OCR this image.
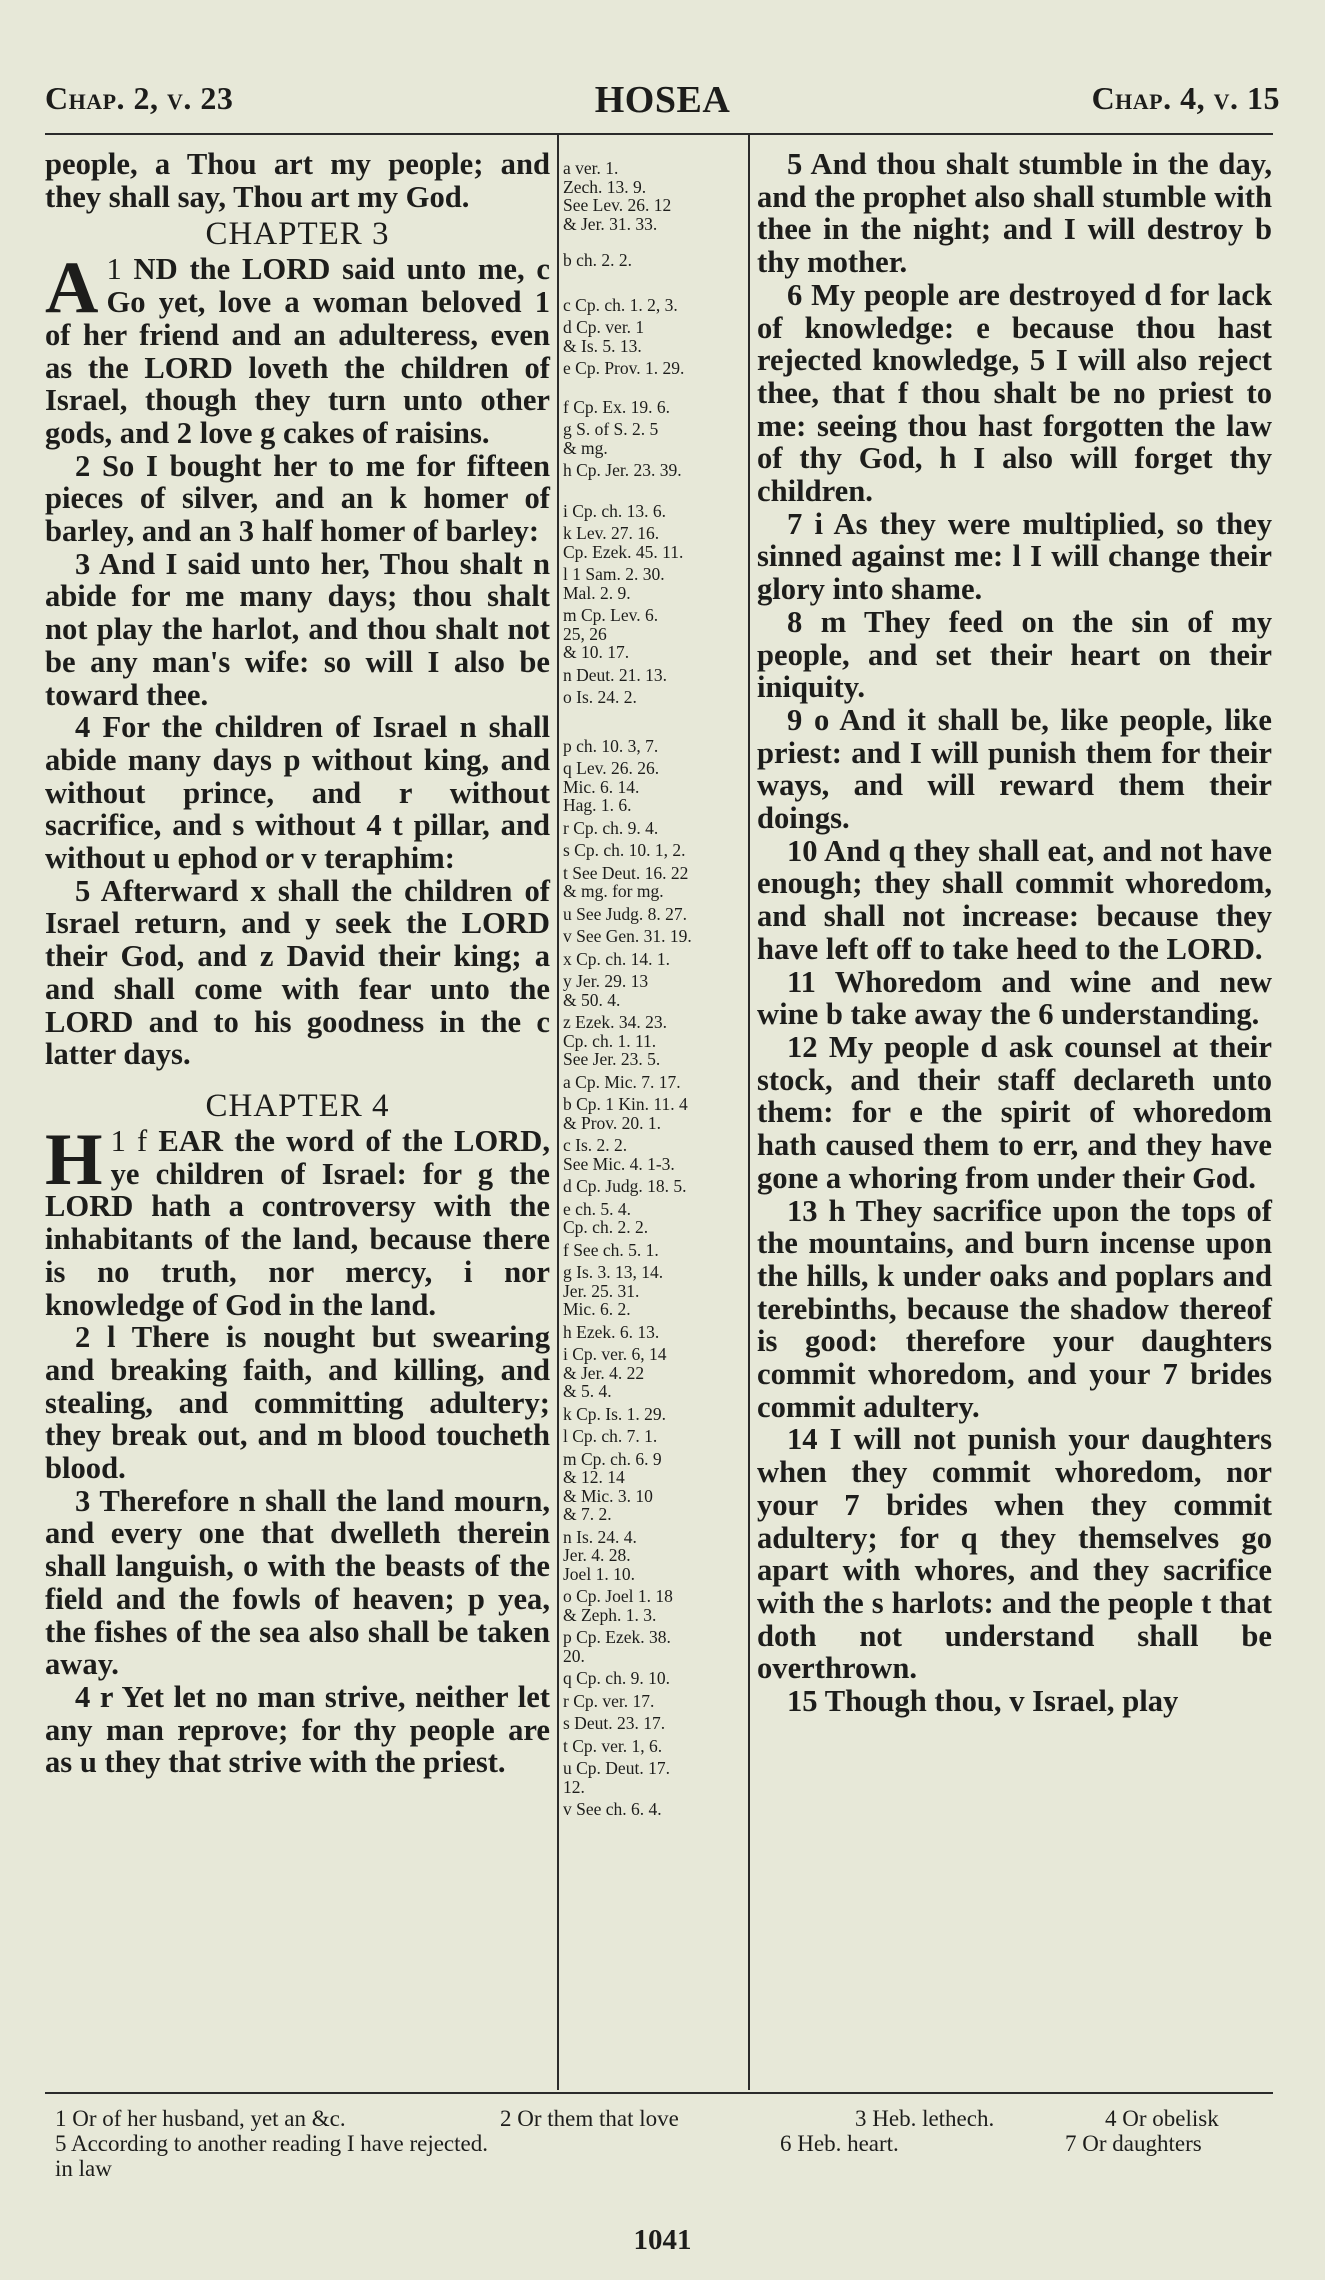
Chap. 2, v. 23	HOSEA	Chap. 4, v. 15

people, a Thou art my people; and they shall say, Thou art my God.

CHAPTER 3

1
A ND the LORD said unto me, c Go yet, love a woman beloved 1 of her friend and an adulteress, even as the LORD loveth the children of Israel, though they turn unto other gods, and 2 love g cakes of raisins.

2 So I bought her to me for fifteen pieces of silver, and an k homer of barley, and an 3 half homer of barley:

3 And I said unto her, Thou shalt n abide for me many days; thou shalt not play the harlot, and thou shalt not be any man's wife: so will I also be toward thee.

4 For the children of Israel n shall abide many days p without king, and without prince, and r without sacrifice, and s without 4 t pillar, and without u ephod or v teraphim:

5 Afterward x shall the children of Israel return, and y seek the LORD their God, and z David their king; a and shall come with fear unto the LORD and to his goodness in the c latter days.

CHAPTER 4

1 f
H EAR the word of the LORD, ye children of Israel: for g the LORD hath a controversy with the inhabitants of the land, because there is no truth, nor mercy, i nor knowledge of God in the land.

2 l There is nought but swearing and breaking faith, and killing, and stealing, and committing adultery; they break out, and m blood toucheth blood.

3 Therefore n shall the land mourn, and every one that dwelleth therein shall languish, o with the beasts of the field and the fowls of heaven; p yea, the fishes of the sea also shall be taken away.

4 r Yet let no man strive, neither let any man reprove; for thy people are as u they that strive with the priest.

a ver. 1.
Zech. 13. 9.
See Lev. 26. 12
& Jer. 31. 33.
b ch. 2. 2.
c Cp. ch. 1. 2, 3.
d Cp. ver. 1
& Is. 5. 13.
e Cp. Prov. 1. 29.
f Cp. Ex. 19. 6.
g S. of S. 2. 5
& mg.
h Cp. Jer. 23. 39.
i Cp. ch. 13. 6.
k Lev. 27. 16.
Cp. Ezek. 45. 11.
l 1 Sam. 2. 30.
Mal. 2. 9.
m Cp. Lev. 6.
25, 26
& 10. 17.
n Deut. 21. 13.
o Is. 24. 2.
p ch. 10. 3, 7.
q Lev. 26. 26.
Mic. 6. 14.
Hag. 1. 6.
r Cp. ch. 9. 4.
s Cp. ch. 10. 1, 2.
t See Deut. 16. 22
& mg. for mg.
u See Judg. 8. 27.
v See Gen. 31. 19.
x Cp. ch. 14. 1.
y Jer. 29. 13
& 50. 4.
z Ezek. 34. 23.
Cp. ch. 1. 11.
See Jer. 23. 5.
a Cp. Mic. 7. 17.
b Cp. 1 Kin. 11. 4
& Prov. 20. 1.
c Is. 2. 2.
See Mic. 4. 1-3.
d Cp. Judg. 18. 5.
e ch. 5. 4.
Cp. ch. 2. 2.
f See ch. 5. 1.
g Is. 3. 13, 14.
Jer. 25. 31.
Mic. 6. 2.
h Ezek. 6. 13.
i Cp. ver. 6, 14
& Jer. 4. 22
& 5. 4.
k Cp. Is. 1. 29.
l Cp. ch. 7. 1.
m Cp. ch. 6. 9
& 12. 14
& Mic. 3. 10
& 7. 2.
n Is. 24. 4.
Jer. 4. 28.
Joel 1. 10.
o Cp. Joel 1. 18
& Zeph. 1. 3.
p Cp. Ezek. 38.
20.
q Cp. ch. 9. 10.
r Cp. ver. 17.
s Deut. 23. 17.
t Cp. ver. 1, 6.
u Cp. Deut. 17.
12.
v See ch. 6. 4.

5 And thou shalt stumble in the day, and the prophet also shall stumble with thee in the night; and I will destroy b thy mother.

6 My people are destroyed d for lack of knowledge: e because thou hast rejected knowledge, 5 I will also reject thee, that f thou shalt be no priest to me: seeing thou hast forgotten the law of thy God, h I also will forget thy children.

7 i As they were multiplied, so they sinned against me: l I will change their glory into shame.

8 m They feed on the sin of my people, and set their heart on their iniquity.

9 o And it shall be, like people, like priest: and I will punish them for their ways, and will reward them their doings.

10 And q they shall eat, and not have enough; they shall commit whoredom, and shall not increase: because they have left off to take heed to the LORD.

11 Whoredom and wine and new wine b take away the 6 understanding.

12 My people d ask counsel at their stock, and their staff declareth unto them: for e the spirit of whoredom hath caused them to err, and they have gone a whoring from under their God.

13 h They sacrifice upon the tops of the mountains, and burn incense upon the hills, k under oaks and poplars and terebinths, because the shadow thereof is good: therefore your daughters commit whoredom, and your 7 brides commit adultery.

14 I will not punish your daughters when they commit whoredom, nor your 7 brides when they commit adultery; for q they themselves go apart with whores, and they sacrifice with the s harlots: and the people t that doth not understand shall be overthrown.

15 Though thou, v Israel, play

1 Or of her husband, yet an &c.	2 Or them that love	3 Heb. lethech.	4 Or obelisk
5 According to another reading I have rejected.	6 Heb. heart.	7 Or daughters
in law
1041
